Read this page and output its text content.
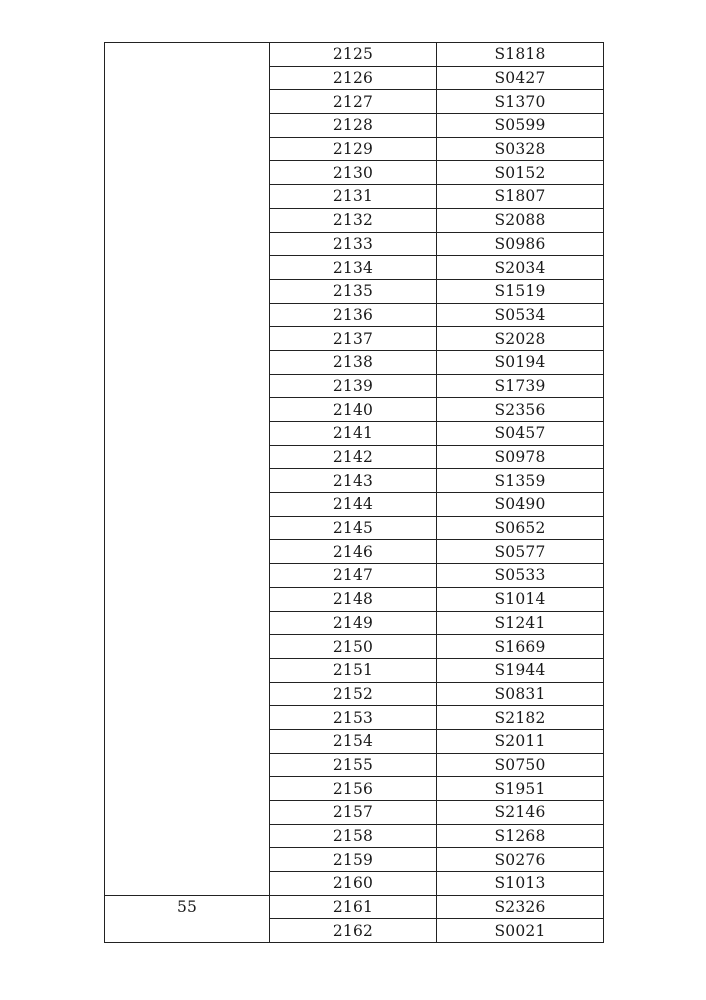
	2125	S1818
	2126	S0427
	2127	S1370
	2128	S0599
	2129	S0328
	2130	S0152
	2131	S1807
	2132	S2088
	2133	S0986
	2134	S2034
	2135	S1519
	2136	S0534
	2137	S2028
	2138	S0194
	2139	S1739
	2140	S2356
	2141	S0457
	2142	S0978
	2143	S1359
	2144	S0490
	2145	S0652
	2146	S0577
	2147	S0533
	2148	S1014
	2149	S1241
	2150	S1669
	2151	S1944
	2152	S0831
	2153	S2182
	2154	S2011
	2155	S0750
	2156	S1951
	2157	S2146
	2158	S1268
	2159	S0276
	2160	S1013
55	2161	S2326
	2162	S0021
